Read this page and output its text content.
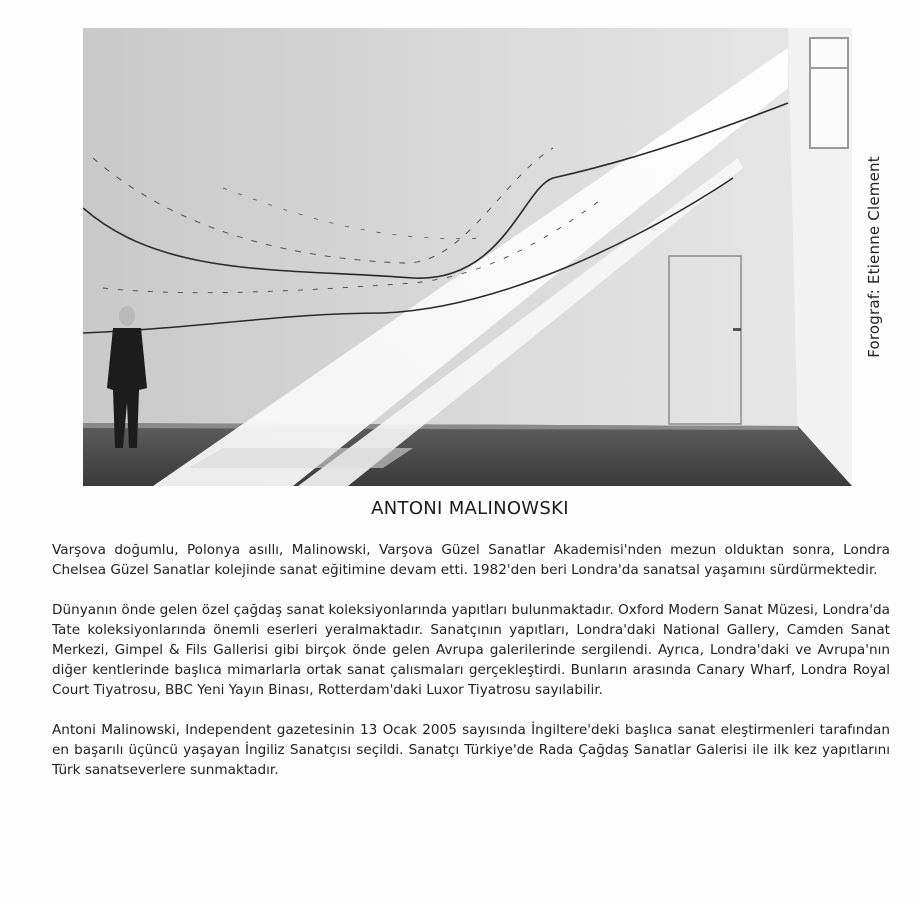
Forograf: Etienne Clement
ANTONI MALINOWSKI

Varşova doğumlu, Polonya asıllı, Malinowski, Varşova Güzel Sanatlar Akademisi'nden mezun olduktan sonra, Londra Chelsea Güzel Sanatlar kolejinde sanat eğitimine devam etti. 1982'den beri Londra'da sanatsal yaşamını sürdürmektedir.

Dünyanın önde gelen özel çağdaş sanat koleksiyonlarında yapıtları bulunmaktadır. Oxford Modern Sanat Müzesi, Londra'da Tate koleksiyonlarında önemli eserleri yeralmaktadır. Sanatçının yapıtları, Londra'daki National Gallery, Camden Sanat Merkezi, Gimpel & Fils Gallerisi gibi birçok önde gelen Avrupa galerilerinde sergilendi. Ayrıca, Londra'daki ve Avrupa'nın diğer kentlerinde başlıca mimarlarla ortak sanat çalısmaları gerçekleştirdi. Bunların arasında Canary Wharf, Londra Royal Court Tiyatrosu, BBC Yeni Yayın Binası, Rotterdam'daki Luxor Tiyatrosu sayılabilir.

Antoni Malinowski, Independent gazetesinin 13 Ocak 2005 sayısında İngiltere'deki başlıca sanat eleştirmenleri tarafından en başarılı üçüncü yaşayan İngiliz Sanatçısı seçildi. Sanatçı Türkiye'de Rada Çağdaş Sanatlar Galerisi ile ilk kez yapıtlarını Türk sanatseverlere sunmaktadır.
